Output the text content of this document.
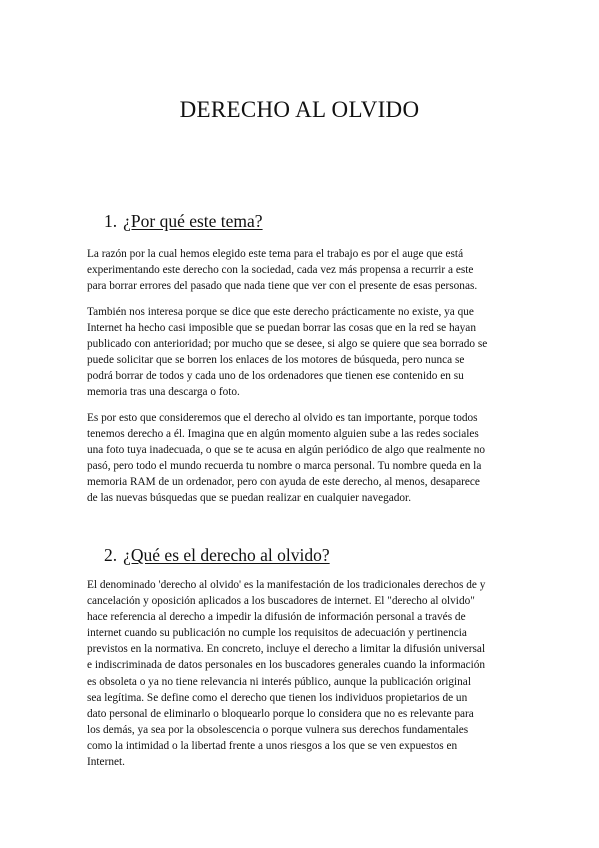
DERECHO AL OLVIDO
1. ¿Por qué este tema?
La razón por la cual hemos elegido este tema para el trabajo es por el auge que está
experimentando este derecho con la sociedad, cada vez más propensa a recurrir a este
para borrar errores del pasado que nada tiene que ver con el presente de esas personas.
También nos interesa porque se dice que este derecho prácticamente no existe, ya que
Internet ha hecho casi imposible que se puedan borrar las cosas que en la red se hayan
publicado con anterioridad; por mucho que se desee, si algo se quiere que sea borrado se
puede solicitar que se borren los enlaces de los motores de búsqueda, pero nunca se
podrá borrar de todos y cada uno de los ordenadores que tienen ese contenido en su
memoria tras una descarga o foto.
Es por esto que consideremos que el derecho al olvido es tan importante, porque todos
tenemos derecho a él. Imagina que en algún momento alguien sube a las redes sociales
una foto tuya inadecuada, o que se te acusa en algún periódico de algo que realmente no
pasó, pero todo el mundo recuerda tu nombre o marca personal. Tu nombre queda en la
memoria RAM de un ordenador, pero con ayuda de este derecho, al menos, desaparece
de las nuevas búsquedas que se puedan realizar en cualquier navegador.
2. ¿Qué es el derecho al olvido?
El denominado 'derecho al olvido' es la manifestación de los tradicionales derechos de y
cancelación y oposición aplicados a los buscadores de internet. El "derecho al olvido"
hace referencia al derecho a impedir la difusión de información personal a través de
internet cuando su publicación no cumple los requisitos de adecuación y pertinencia
previstos en la normativa. En concreto, incluye el derecho a limitar la difusión universal
e indiscriminada de datos personales en los buscadores generales cuando la información
es obsoleta o ya no tiene relevancia ni interés público, aunque la publicación original
sea legítima. Se define como el derecho que tienen los individuos propietarios de un
dato personal de eliminarlo o bloquearlo porque lo considera que no es relevante para
los demás, ya sea por la obsolescencia o porque vulnera sus derechos fundamentales
como la intimidad o la libertad frente a unos riesgos a los que se ven expuestos en
Internet.
